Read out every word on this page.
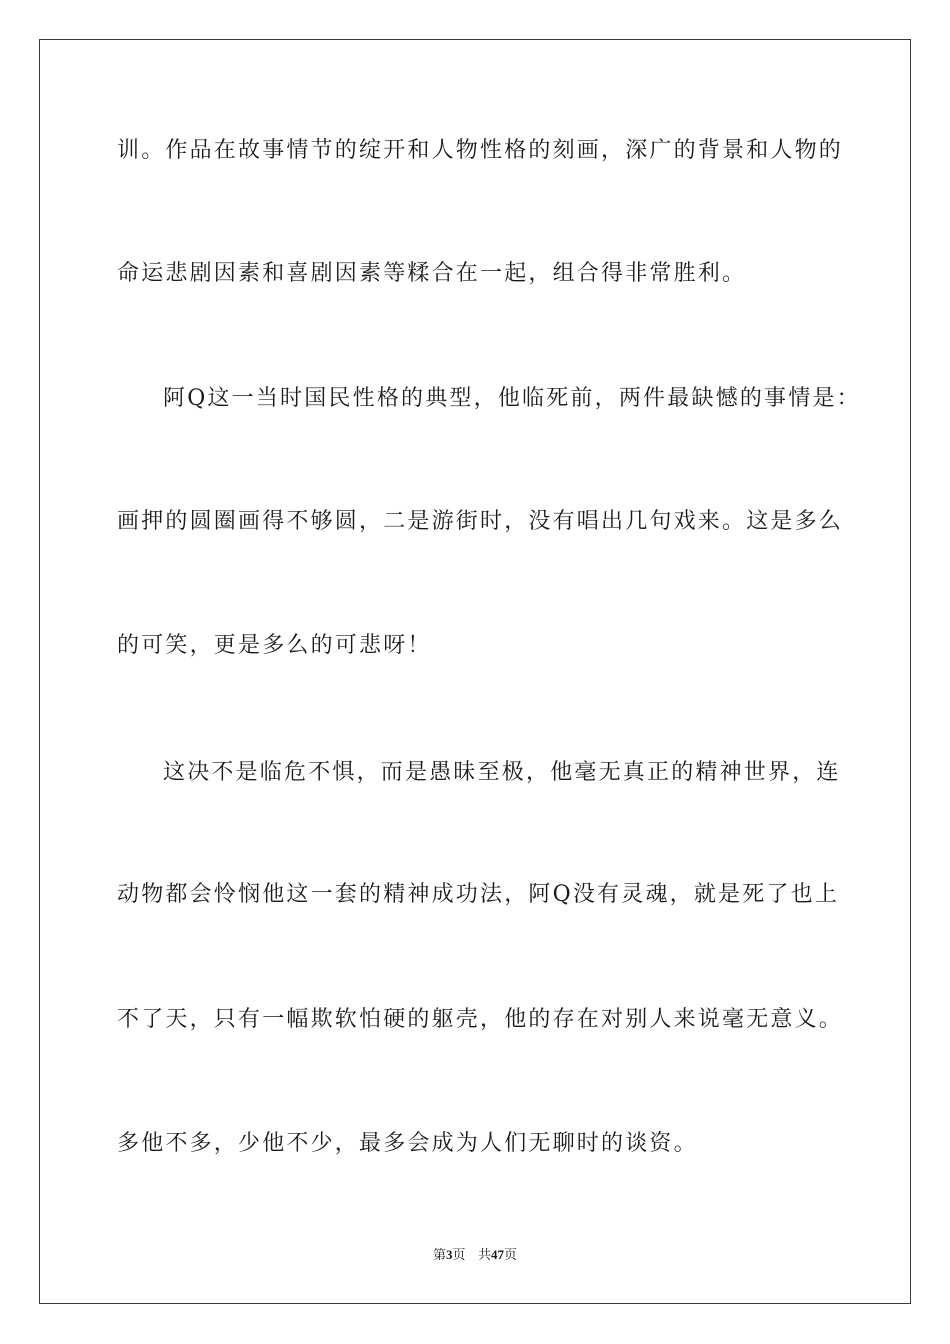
训。作品在故事情节的绽开和人物性格的刻画，深广的背景和人物的
命运悲剧因素和喜剧因素等糅合在一起，组合得非常胜利。
阿Q这一当时国民性格的典型，他临死前，两件最缺憾的事情是：
画押的圆圈画得不够圆，二是游街时，没有唱出几句戏来。这是多么
的可笑，更是多么的可悲呀！
这决不是临危不惧，而是愚昧至极，他毫无真正的精神世界，连
动物都会怜悯他这一套的精神成功法，阿Q没有灵魂，就是死了也上
不了天，只有一幅欺软怕硬的躯壳，他的存在对别人来说毫无意义。
多他不多，少他不少，最多会成为人们无聊时的谈资。
第3页 共47页
